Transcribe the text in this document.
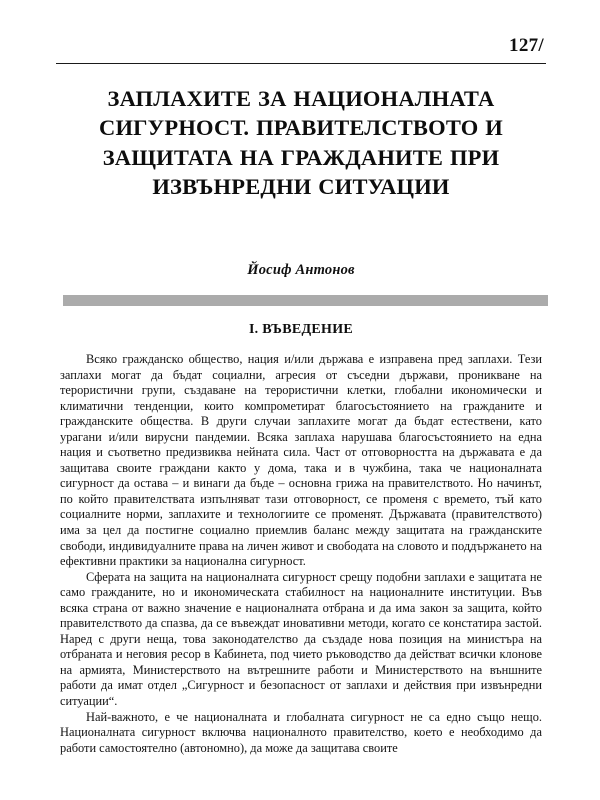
127/
ЗАПЛАХИТЕ ЗА НАЦИОНАЛНАТА СИГУРНОСТ. ПРАВИТЕЛСТВОТО И ЗАЩИТАТА НА ГРАЖДАНИТЕ ПРИ ИЗВЪНРЕДНИ СИТУАЦИИ

Йосиф Антонов

I. ВЪВЕДЕНИЕ

Всяко гражданско общество, нация и/или държава е изправена пред заплахи. Тези заплахи могат да бъдат социални, агресия от съседни държави, проникване на терористични групи, създаване на терористични клетки, глобални икономически и климатични тенденции, които компрометират благосъстоянието на гражданите и гражданските общества. В други случаи заплахите могат да бъдат естествени, като урагани и/или вирусни пандемии. Всяка заплаха нарушава благосъстоянието на една нация и съответно предизвиква нейната сила. Част от отговорността на държавата е да защитава своите граждани както у дома, така и в чужбина, така че националната сигурност да остава – и винаги да бъде – основна грижа на правителството. Но начинът, по който правителствата изпълняват тази отговорност, се променя с времето, тъй като социалните норми, заплахите и технологиите се променят. Държавата (правителството) има за цел да постигне социално приемлив баланс между защитата на гражданските свободи, индивидуалните права на личен живот и свободата на словото и поддържането на ефективни практики за национална сигурност.

Сферата на защита на националната сигурност срещу подобни заплахи е защитата не само гражданите, но и икономическата стабилност на националните институции. Във всяка страна от важно значение е националната отбрана и да има закон за защита, който правителството да спазва, да се въвеждат иновативни методи, когато се констатира застой. Наред с други неща, това законодателство да създаде нова позиция на министъра на отбраната и неговия ресор в Кабинета, под чието ръководство да действат всички клонове на армията, Министерството на вътрешните работи и Министерството на външните работи да имат отдел „Сигурност и безопасност от заплахи и действия при извънредни ситуации“.

Най-важното, е че националната и глобалната сигурност не са едно също нещо. Националната сигурност включва националното правителство, което е необходимо да работи самостоятелно (автономно), да може да защитава своите
